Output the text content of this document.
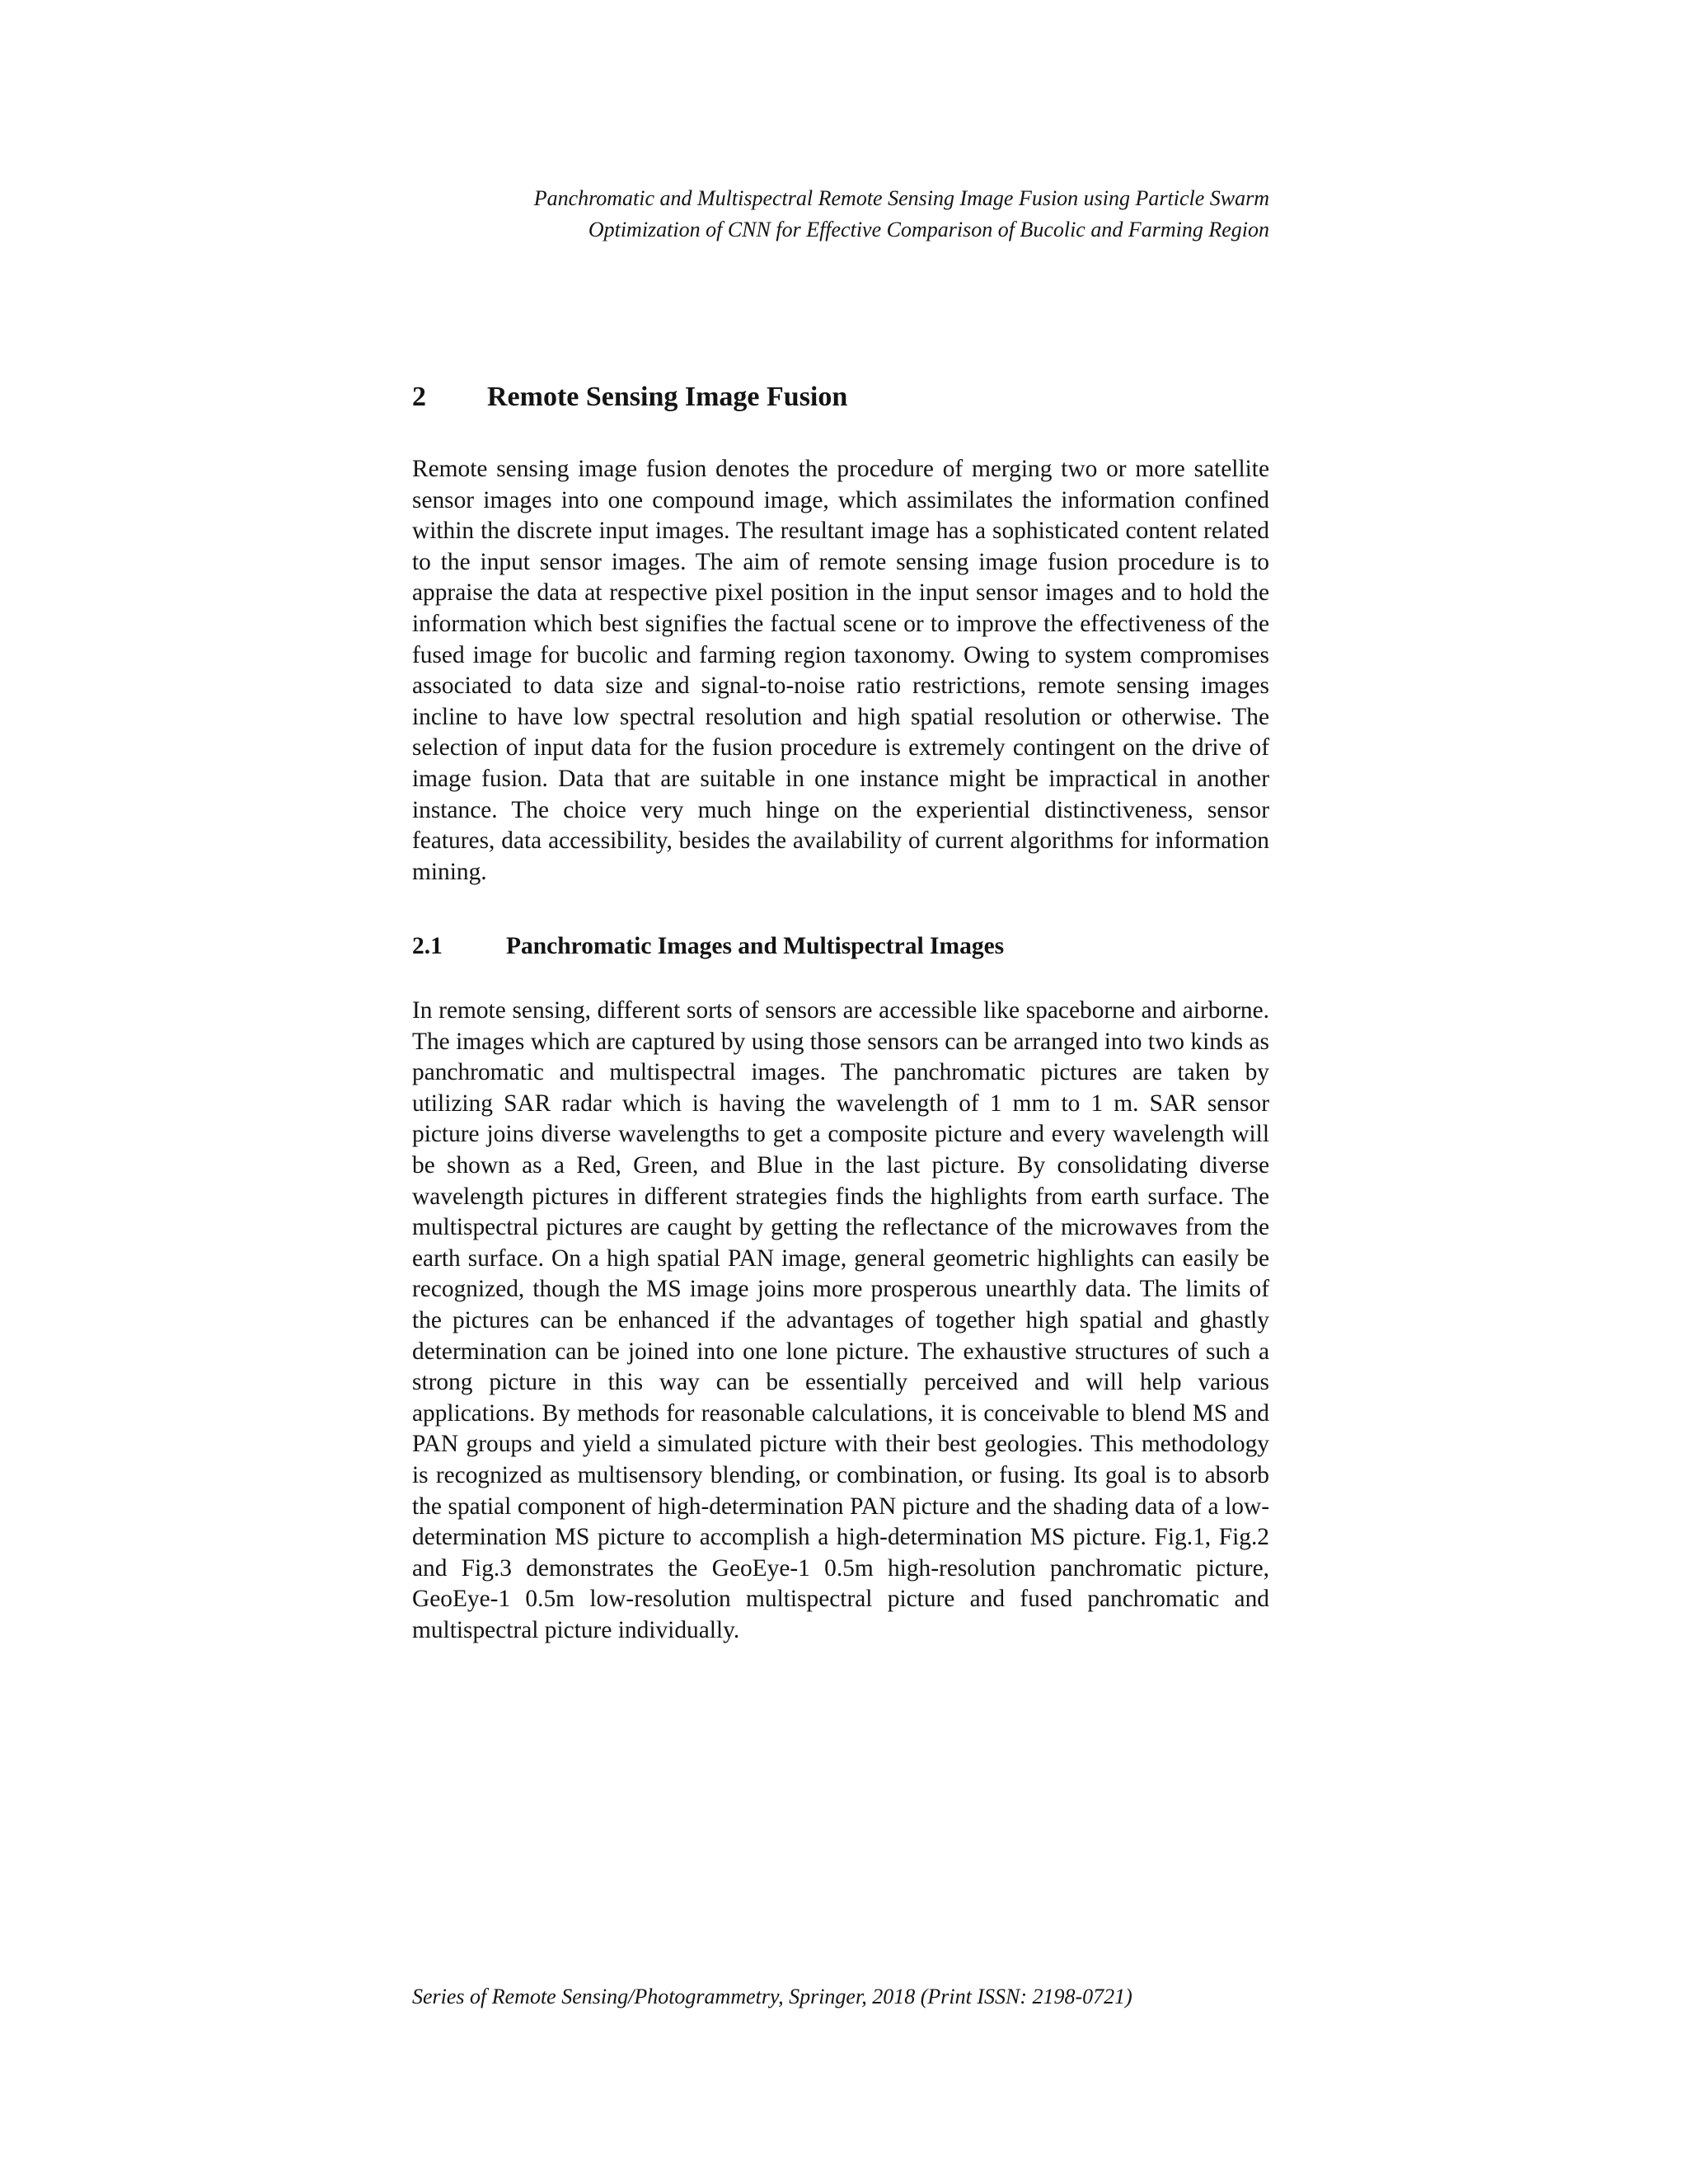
Panchromatic and Multispectral Remote Sensing Image Fusion using Particle Swarm
Optimization of CNN for Effective Comparison of Bucolic and Farming Region
2 Remote Sensing Image Fusion

Remote sensing image fusion denotes the procedure of merging two or more satellite sensor images into one compound image, which assimilates the information confined within the discrete input images. The resultant image has a sophisticated content related to the input sensor images. The aim of remote sensing image fusion procedure is to appraise the data at respective pixel position in the input sensor images and to hold the information which best signifies the factual scene or to improve the effectiveness of the fused image for bucolic and farming region taxonomy. Owing to system compromises associated to data size and signal-to-noise ratio restrictions, remote sensing images incline to have low spectral resolution and high spatial resolution or otherwise. The selection of input data for the fusion procedure is extremely contingent on the drive of image fusion. Data that are suitable in one instance might be impractical in another instance. The choice very much hinge on the experiential distinctiveness, sensor features, data accessibility, besides the availability of current algorithms for information mining.

2.1	Panchromatic Images and Multispectral Images

In remote sensing, different sorts of sensors are accessible like spaceborne and airborne. The images which are captured by using those sensors can be arranged into two kinds as panchromatic and multispectral images. The panchromatic pictures are taken by utilizing SAR radar which is having the wavelength of 1 mm to 1 m. SAR sensor picture joins diverse wavelengths to get a composite picture and every wavelength will be shown as a Red, Green, and Blue in the last picture. By consolidating diverse wavelength pictures in different strategies finds the highlights from earth surface. The multispectral pictures are caught by getting the reflectance of the microwaves from the earth surface. On a high spatial PAN image, general geometric highlights can easily be recognized, though the MS image joins more prosperous unearthly data. The limits of the pictures can be enhanced if the advantages of together high spatial and ghastly determination can be joined into one lone picture. The exhaustive structures of such a strong picture in this way can be essentially perceived and will help various applications. By methods for reasonable calculations, it is conceivable to blend MS and PAN groups and yield a simulated picture with their best geologies. This methodology is recognized as multisensory blending, or combination, or fusing. Its goal is to absorb the spatial component of high-determination PAN picture and the shading data of a low-determination MS picture to accomplish a high-determination MS picture. Fig.1, Fig.2 and Fig.3 demonstrates the GeoEye-1 0.5m high-resolution panchromatic picture, GeoEye-1 0.5m low-resolution multispectral picture and fused panchromatic and multispectral picture individually.

Series of Remote Sensing/Photogrammetry, Springer, 2018 (Print ISSN: 2198-0721)
